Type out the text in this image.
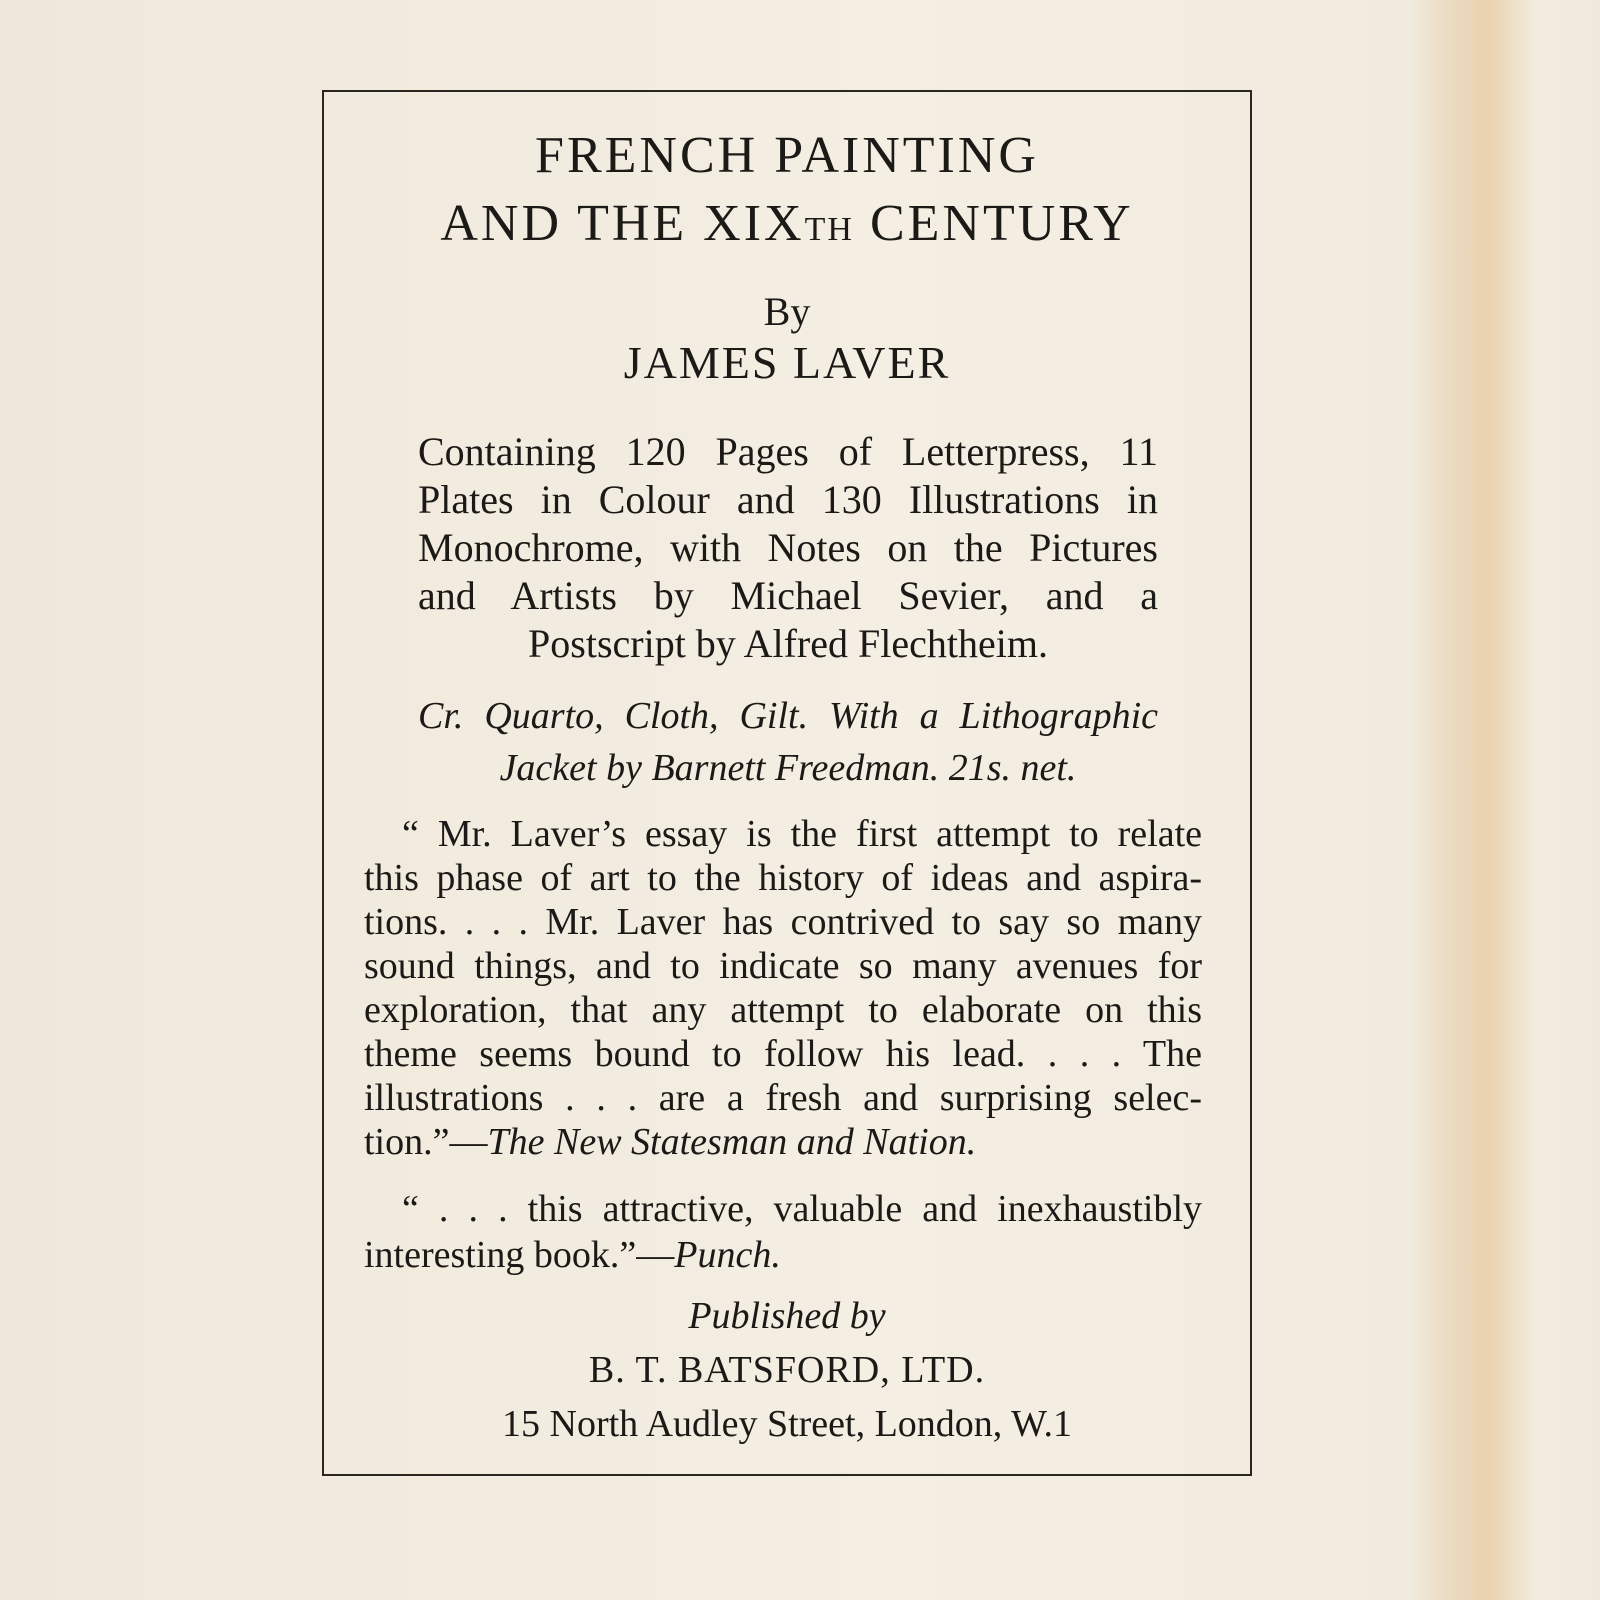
FRENCH PAINTING
AND THE XIXTH CENTURY
By
JAMES LAVER
Containing 120 Pages of Letterpress, 11
Plates in Colour and 130 Illustrations in
Monochrome, with Notes on the Pictures
and Artists by Michael Sevier, and a
Postscript by Alfred Flechtheim.
Cr. Quarto, Cloth, Gilt. With a Lithographic
Jacket by Barnett Freedman. 21s. net.
“ Mr. Laver’s essay is the first attempt to relate
this phase of art to the history of ideas and aspira-
tions. . . . Mr. Laver has contrived to say so many
sound things, and to indicate so many avenues for
exploration, that any attempt to elaborate on this
theme seems bound to follow his lead. . . . The
illustrations . . . are a fresh and surprising selec-
tion.”—The New Statesman and Nation.
“ . . . this attractive, valuable and inexhaustibly
interesting book.”—Punch.
Published by
B. T. BATSFORD, LTD.
15 North Audley Street, London, W.1
